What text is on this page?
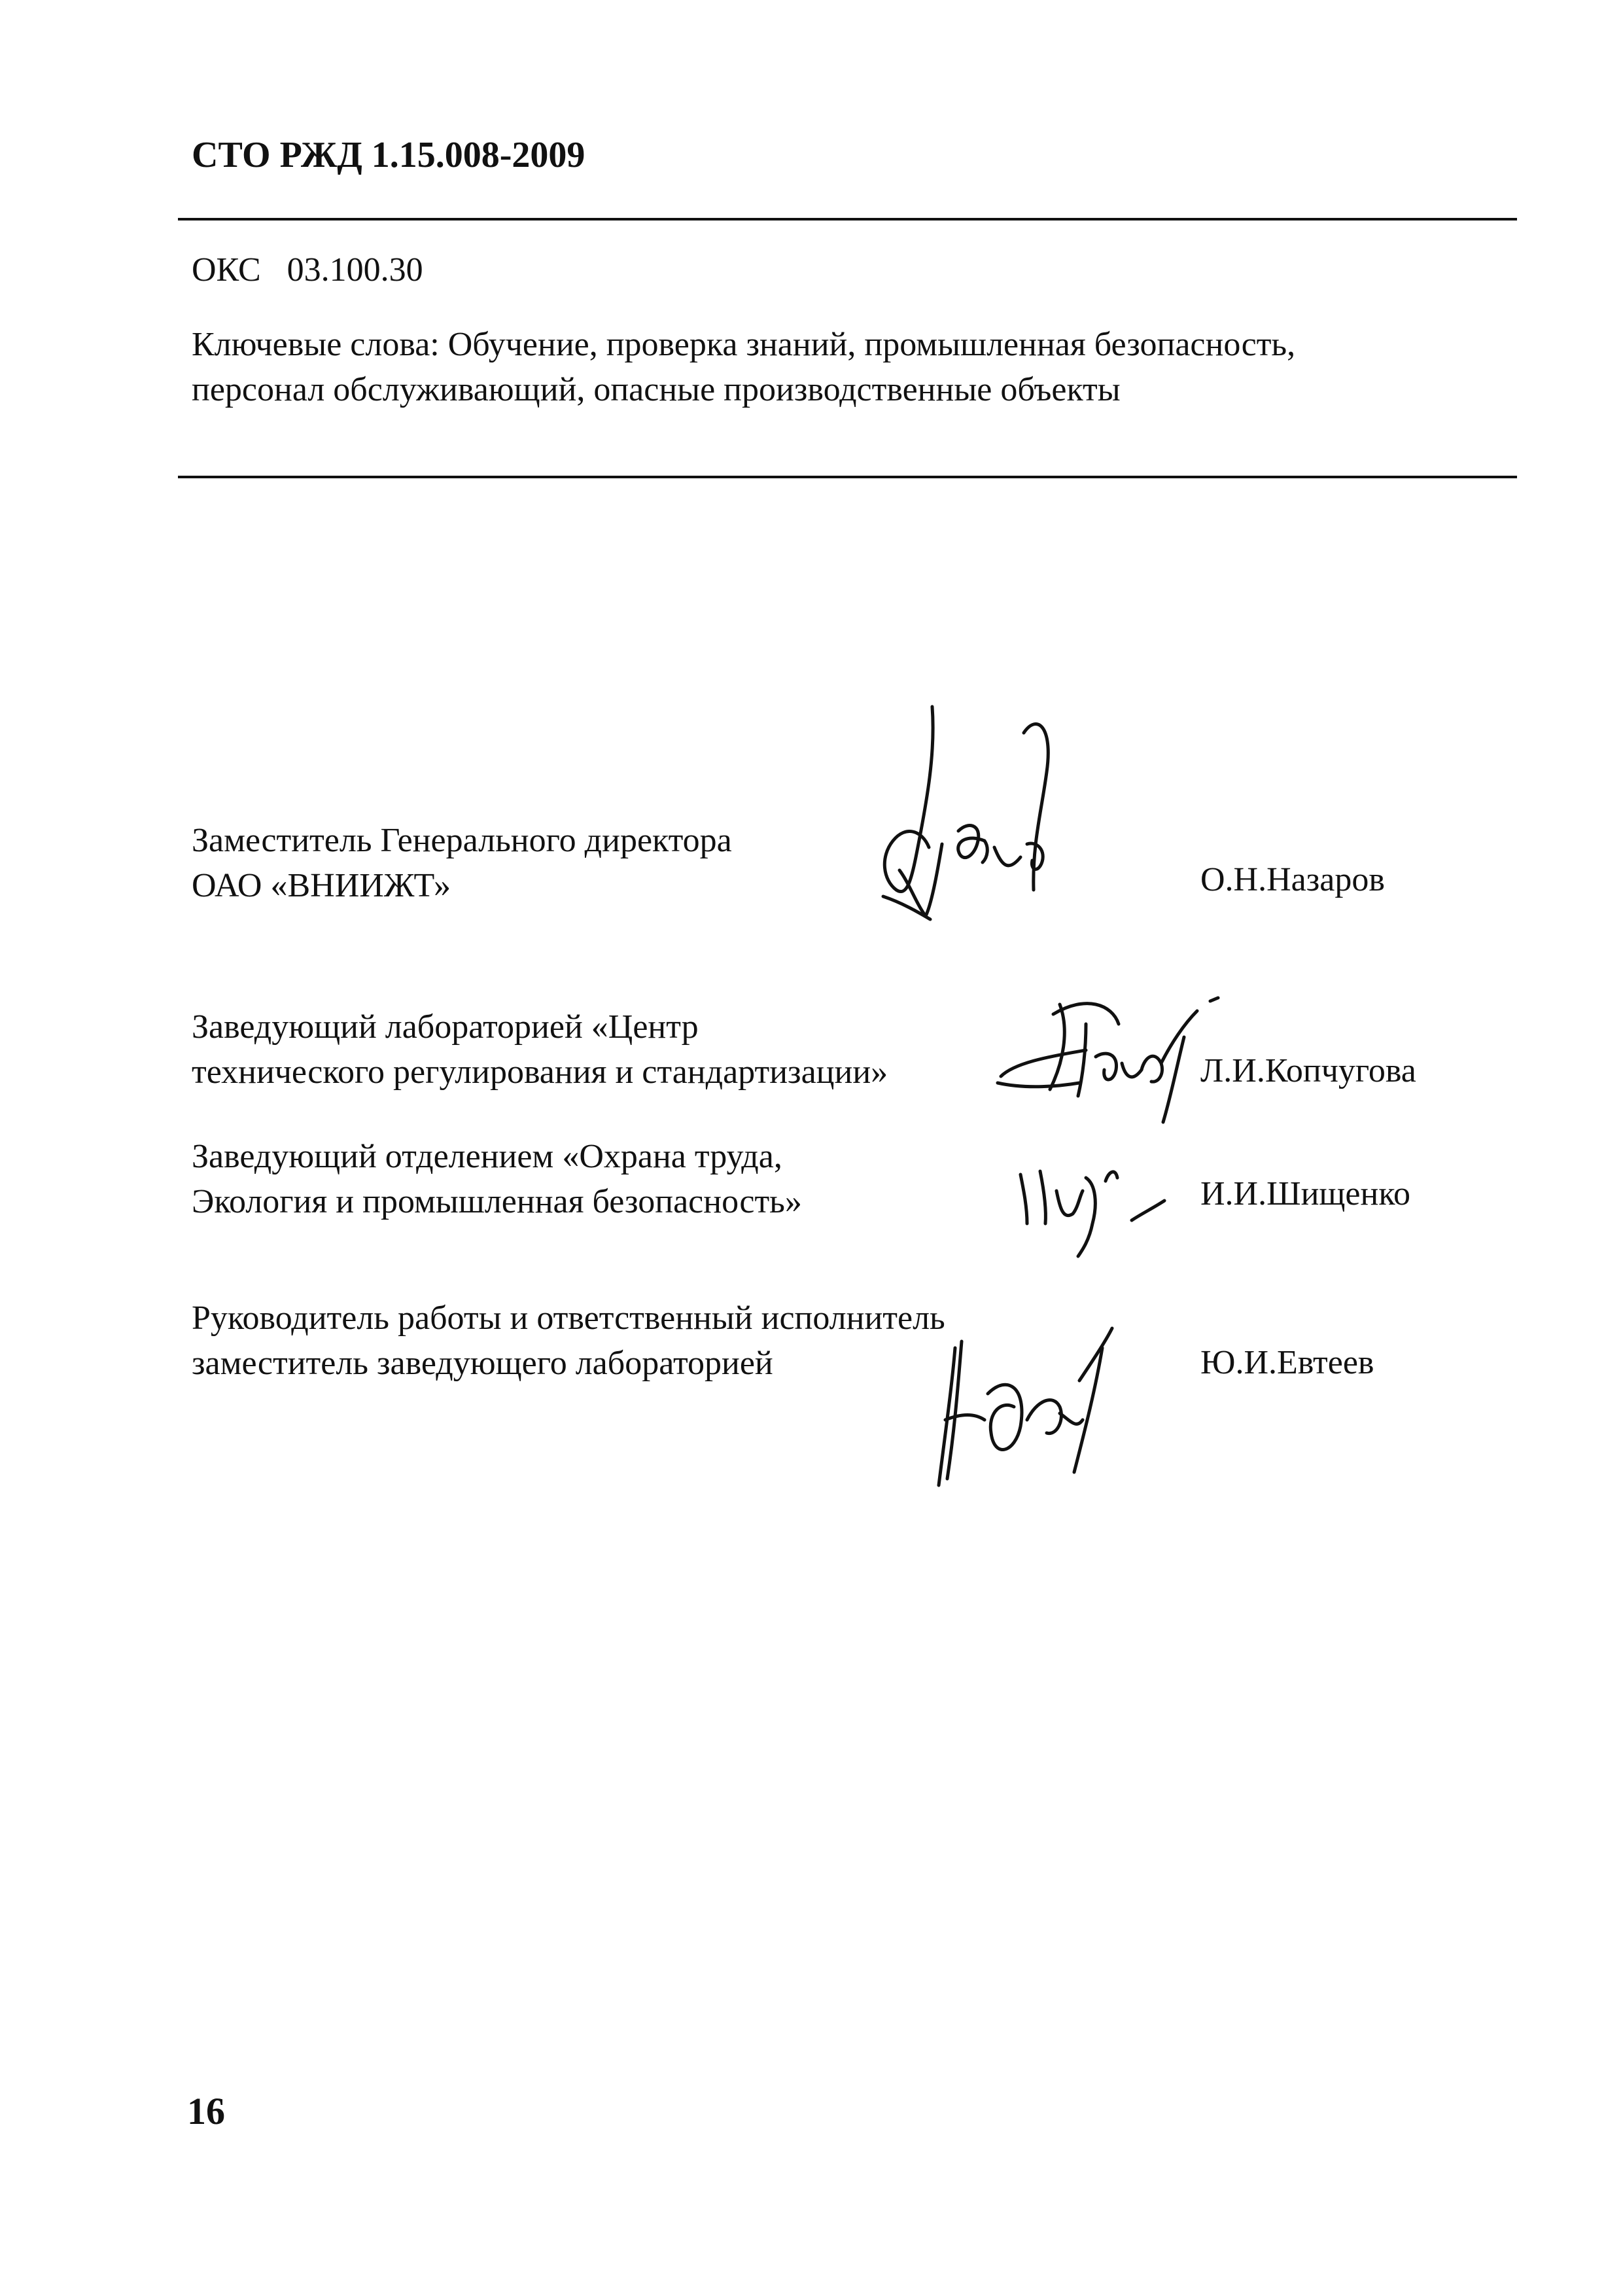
СТО РЖД 1.15.008-2009
ОКС 03.100.30
Ключевые слова: Обучение, проверка знаний, промышленная безопасность,
персонал обслуживающий, опасные производственные объекты
Заместитель Генерального директора
ОАО «ВНИИЖТ»	О.Н.Назаров
Заведующий лабораторией «Центр
технического регулирования и стандартизации»	Л.И.Копчугова
Заведующий отделением «Охрана труда,
Экология и промышленная безопасность»	И.И.Шищенко
Руководитель работы и ответственный исполнитель
заместитель заведующего лабораторией	Ю.И.Евтеев
16
